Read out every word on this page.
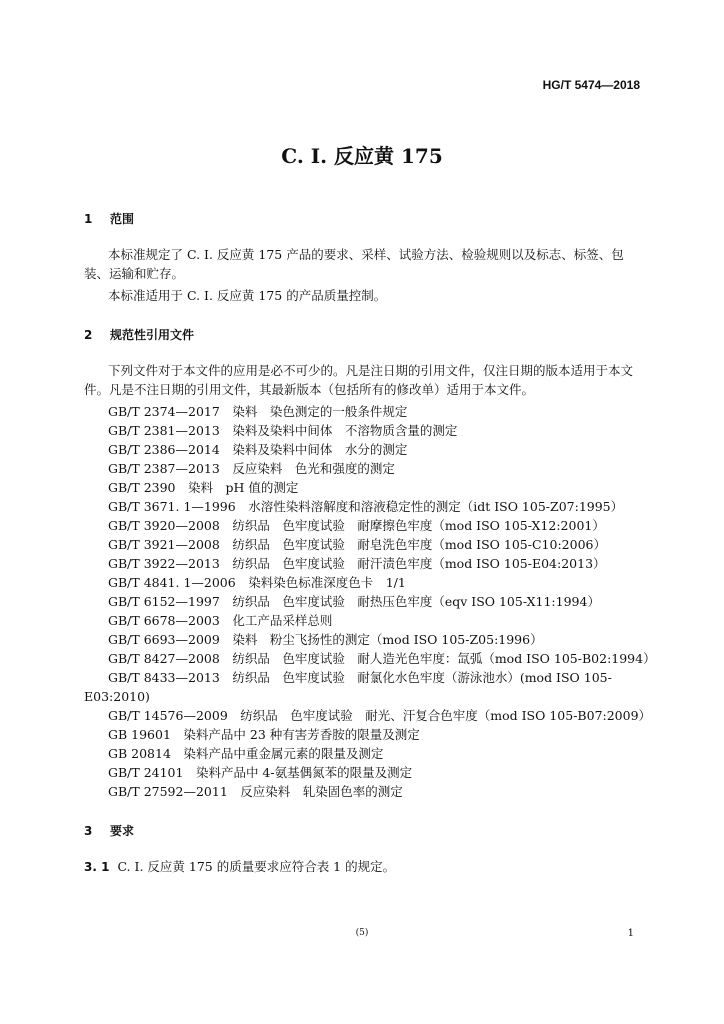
HG/T 5474—2018
C. I. 反应黄 175
1 范围

本标准规定了 C. I. 反应黄 175 产品的要求、采样、试验方法、检验规则以及标志、标签、包装、运输和贮存。

本标准适用于 C. I. 反应黄 175 的产品质量控制。

2 规范性引用文件

下列文件对于本文件的应用是必不可少的。凡是注日期的引用文件，仅注日期的版本适用于本文件。凡是不注日期的引用文件，其最新版本（包括所有的修改单）适用于本文件。

GB/T 2374—2017　染料　染色测定的一般条件规定
GB/T 2381—2013　染料及染料中间体　不溶物质含量的测定
GB/T 2386—2014　染料及染料中间体　水分的测定
GB/T 2387—2013　反应染料　色光和强度的测定
GB/T 2390　染料　pH 值的测定
GB/T 3671. 1—1996　水溶性染料溶解度和溶液稳定性的测定（idt ISO 105-Z07:1995）
GB/T 3920—2008　纺织品　色牢度试验　耐摩擦色牢度（mod ISO 105-X12:2001）
GB/T 3921—2008　纺织品　色牢度试验　耐皂洗色牢度（mod ISO 105-C10:2006）
GB/T 3922—2013　纺织品　色牢度试验　耐汗渍色牢度（mod ISO 105-E04:2013）
GB/T 4841. 1—2006　染料染色标准深度色卡　1/1
GB/T 6152—1997　纺织品　色牢度试验　耐热压色牢度（eqv ISO 105-X11:1994）
GB/T 6678—2003　化工产品采样总则
GB/T 6693—2009　染料　粉尘飞扬性的测定（mod ISO 105-Z05:1996）
GB/T 8427—2008　纺织品　色牢度试验　耐人造光色牢度：氙弧（mod ISO 105-B02:1994）

GB/T 8433—2013　纺织品　色牢度试验　耐氯化水色牢度（游泳池水）(mod ISO 105-E03:2010)

GB/T 14576—2009　纺织品　色牢度试验　耐光、汗复合色牢度（mod ISO 105-B07:2009）
GB 19601　染料产品中 23 种有害芳香胺的限量及测定
GB 20814　染料产品中重金属元素的限量及测定
GB/T 24101　染料产品中 4-氨基偶氮苯的限量及测定
GB/T 27592—2011　反应染料　轧染固色率的测定
3 要求
3. 1 C. I. 反应黄 175 的质量要求应符合表 1 的规定。
(5)	1
